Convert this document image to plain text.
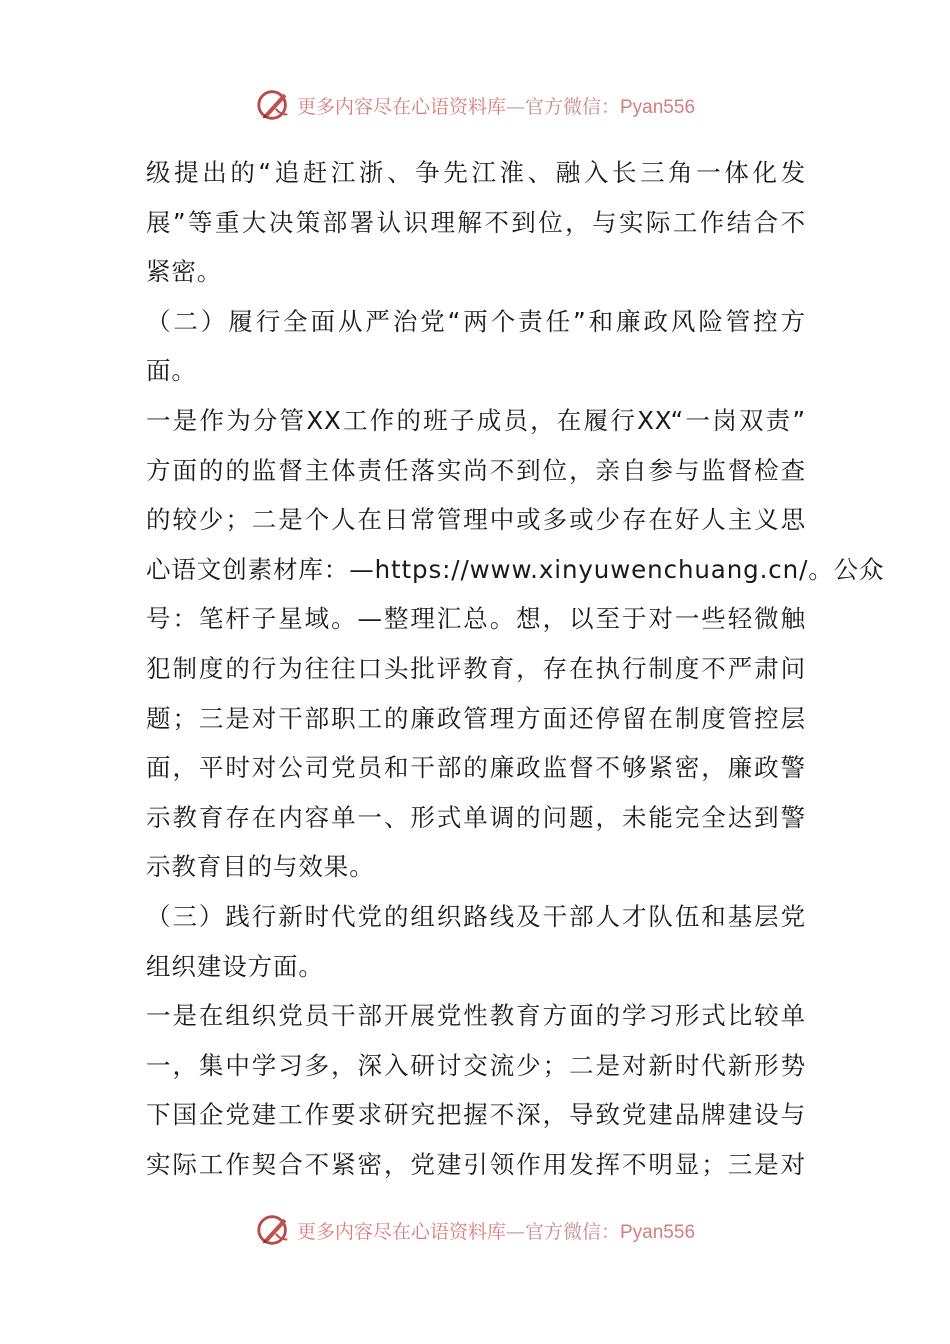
更多内容尽在心语资料库—官方微信：Pyan556
级提出的“追赶江浙、争先江淮、融入长三角一体化发
展”等重大决策部署认识理解不到位，与实际工作结合不
紧密。
（二）履行全面从严治党“两个责任”和廉政风险管控方
面。
一是作为分管XX工作的班子成员，在履行XX“一岗双责”
方面的的监督主体责任落实尚不到位，亲自参与监督检查
的较少；二是个人在日常管理中或多或少存在好人主义思
心语文创素材库：—https://www.xinyuwenchuang.cn/。公众
号：笔杆子星域。—整理汇总。想，以至于对一些轻微触
犯制度的行为往往口头批评教育，存在执行制度不严肃问
题；三是对干部职工的廉政管理方面还停留在制度管控层
面，平时对公司党员和干部的廉政监督不够紧密，廉政警
示教育存在内容单一、形式单调的问题，未能完全达到警
示教育目的与效果。
（三）践行新时代党的组织路线及干部人才队伍和基层党
组织建设方面。
一是在组织党员干部开展党性教育方面的学习形式比较单
一，集中学习多，深入研讨交流少；二是对新时代新形势
下国企党建工作要求研究把握不深，导致党建品牌建设与
实际工作契合不紧密，党建引领作用发挥不明显；三是对
更多内容尽在心语资料库—官方微信：Pyan556
